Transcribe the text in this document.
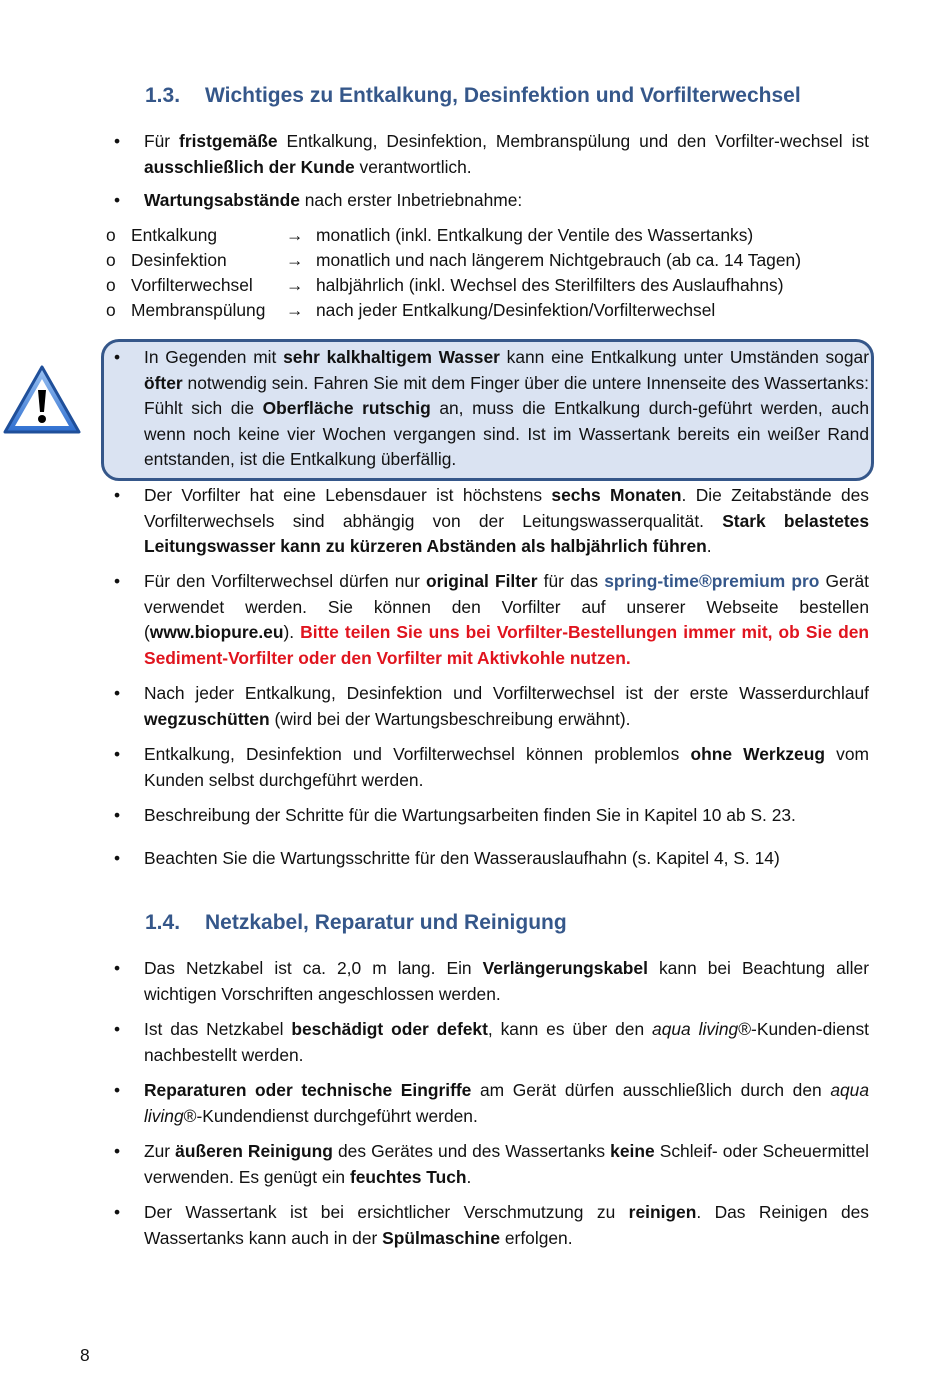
1.3. Wichtiges zu Entkalkung, Desinfektion und Vorfilterwechsel
• Für fristgemäße Entkalkung, Desinfektion, Membranspülung und den Vorfilter-wechsel ist ausschließlich der Kunde verantwortlich.
• Wartungsabstände nach erster Inbetriebnahme:
o Entkalkung	→ monatlich (inkl. Entkalkung der Ventile des Wassertanks)
o Desinfektion	→ monatlich und nach längerem Nichtgebrauch (ab ca. 14 Tagen)
o Vorfilterwechsel → halbjährlich (inkl. Wechsel des Sterilfilters des Auslaufhahns)
o Membranspülung → nach jeder Entkalkung/Desinfektion/Vorfilterwechsel
• In Gegenden mit sehr kalkhaltigem Wasser kann eine Entkalkung unter Umständen sogar öfter notwendig sein. Fahren Sie mit dem Finger über die untere Innenseite des Wassertanks: Fühlt sich die Oberfläche rutschig an, muss die Entkalkung durch-geführt werden, auch wenn noch keine vier Wochen vergangen sind. Ist im Wassertank bereits ein weißer Rand entstanden, ist die Entkalkung überfällig.
• Der Vorfilter hat eine Lebensdauer ist höchstens sechs Monaten. Die Zeitabstände des Vorfilterwechsels sind abhängig von der Leitungswasserqualität. Stark belastetes Leitungswasser kann zu kürzeren Abständen als halbjährlich führen.
• Für den Vorfilterwechsel dürfen nur original Filter für das spring-time®premium pro Gerät verwendet werden. Sie können den Vorfilter auf unserer Webseite bestellen (www.biopure.eu). Bitte teilen Sie uns bei Vorfilter-Bestellungen immer mit, ob Sie den Sediment-Vorfilter oder den Vorfilter mit Aktivkohle nutzen.
• Nach jeder Entkalkung, Desinfektion und Vorfilterwechsel ist der erste Wasserdurchlauf wegzuschütten (wird bei der Wartungsbeschreibung erwähnt).
• Entkalkung, Desinfektion und Vorfilterwechsel können problemlos ohne Werkzeug vom Kunden selbst durchgeführt werden.
• Beschreibung der Schritte für die Wartungsarbeiten finden Sie in Kapitel 10 ab S. 23.
• Beachten Sie die Wartungsschritte für den Wasserauslaufhahn (s. Kapitel 4, S. 14)
1.4. Netzkabel, Reparatur und Reinigung
• Das Netzkabel ist ca. 2,0 m lang. Ein Verlängerungskabel kann bei Beachtung aller wichtigen Vorschriften angeschlossen werden.
• Ist das Netzkabel beschädigt oder defekt, kann es über den aqua living®-Kunden-dienst nachbestellt werden.
• Reparaturen oder technische Eingriffe am Gerät dürfen ausschließlich durch den aqua living®-Kundendienst durchgeführt werden.
• Zur äußeren Reinigung des Gerätes und des Wassertanks keine Schleif- oder Scheuermittel verwenden. Es genügt ein feuchtes Tuch.
• Der Wassertank ist bei ersichtlicher Verschmutzung zu reinigen. Das Reinigen des Wassertanks kann auch in der Spülmaschine erfolgen.
8
